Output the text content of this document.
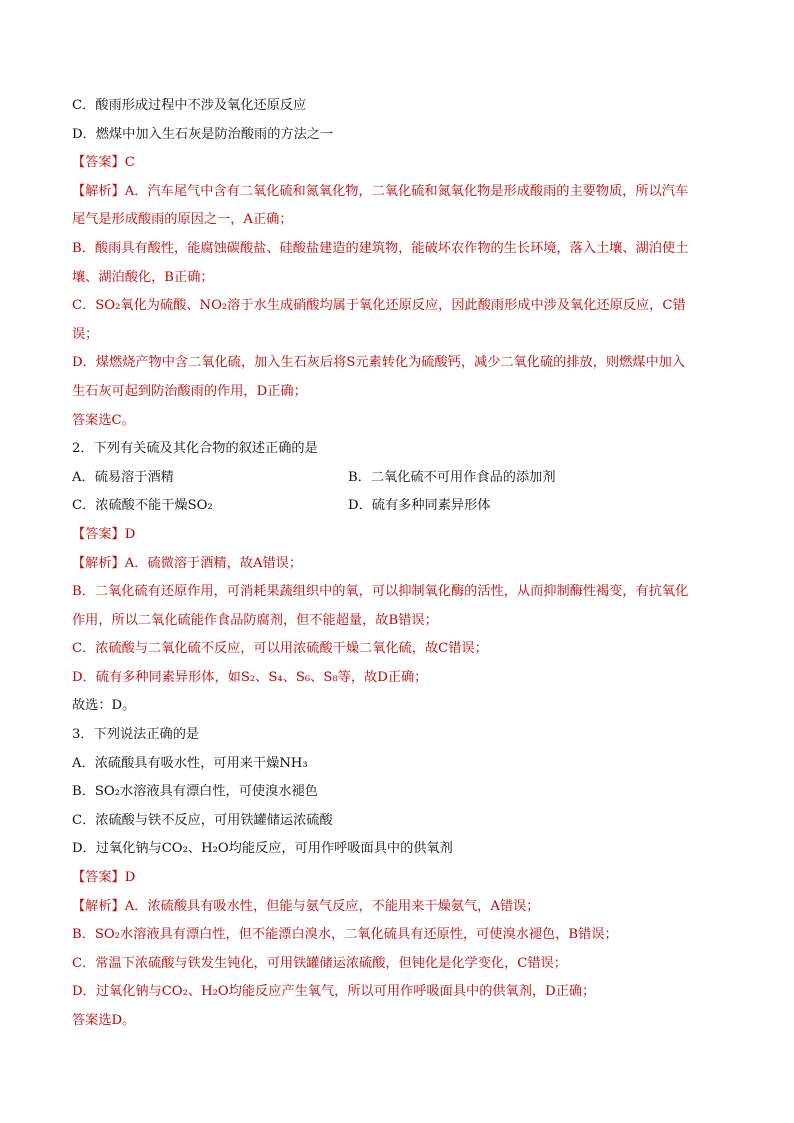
C．酸雨形成过程中不涉及氧化还原反应
D．燃煤中加入生石灰是防治酸雨的方法之一
【答案】C
【解析】A．汽车尾气中含有二氧化硫和氮氧化物，二氧化硫和氮氧化物是形成酸雨的主要物质，所以汽车
尾气是形成酸雨的原因之一，A正确；
B．酸雨具有酸性，能腐蚀碳酸盐、硅酸盐建造的建筑物，能破坏农作物的生长环境，落入土壤、湖泊使土
壤、湖泊酸化，B正确；
C．SO₂氧化为硫酸、NO₂溶于水生成硝酸均属于氧化还原反应，因此酸雨形成中涉及氧化还原反应，C错
误；
D．煤燃烧产物中含二氧化硫，加入生石灰后将S元素转化为硫酸钙，减少二氧化硫的排放，则燃煤中加入
生石灰可起到防治酸雨的作用，D正确；
答案选C。
2．下列有关硫及其化合物的叙述正确的是
A．硫易溶于酒精	B．二氧化硫不可用作食品的添加剂
C．浓硫酸不能干燥SO₂	D．硫有多种同素异形体
【答案】D
【解析】A．硫微溶于酒精，故A错误；
B．二氧化硫有还原作用，可消耗果蔬组织中的氧，可以抑制氧化酶的活性，从而抑制酶性褐变，有抗氧化
作用，所以二氧化硫能作食品防腐剂，但不能超量，故B错误；
C．浓硫酸与二氧化硫不反应，可以用浓硫酸干燥二氧化硫，故C错误；
D．硫有多种同素异形体，如S₂、S₄、S₆、S₈等，故D正确；
故选：D。
3．下列说法正确的是
A．浓硫酸具有吸水性，可用来干燥NH₃
B．SO₂水溶液具有漂白性，可使溴水褪色
C．浓硫酸与铁不反应，可用铁罐储运浓硫酸
D．过氧化钠与CO₂、H₂O均能反应，可用作呼吸面具中的供氧剂
【答案】D
【解析】A．浓硫酸具有吸水性，但能与氨气反应，不能用来干燥氨气，A错误；
B．SO₂水溶液具有漂白性，但不能漂白溴水，二氧化硫具有还原性，可使溴水褪色，B错误；
C．常温下浓硫酸与铁发生钝化，可用铁罐储运浓硫酸，但钝化是化学变化，C错误；
D．过氧化钠与CO₂、H₂O均能反应产生氧气，所以可用作呼吸面具中的供氧剂，D正确；
答案选D。
